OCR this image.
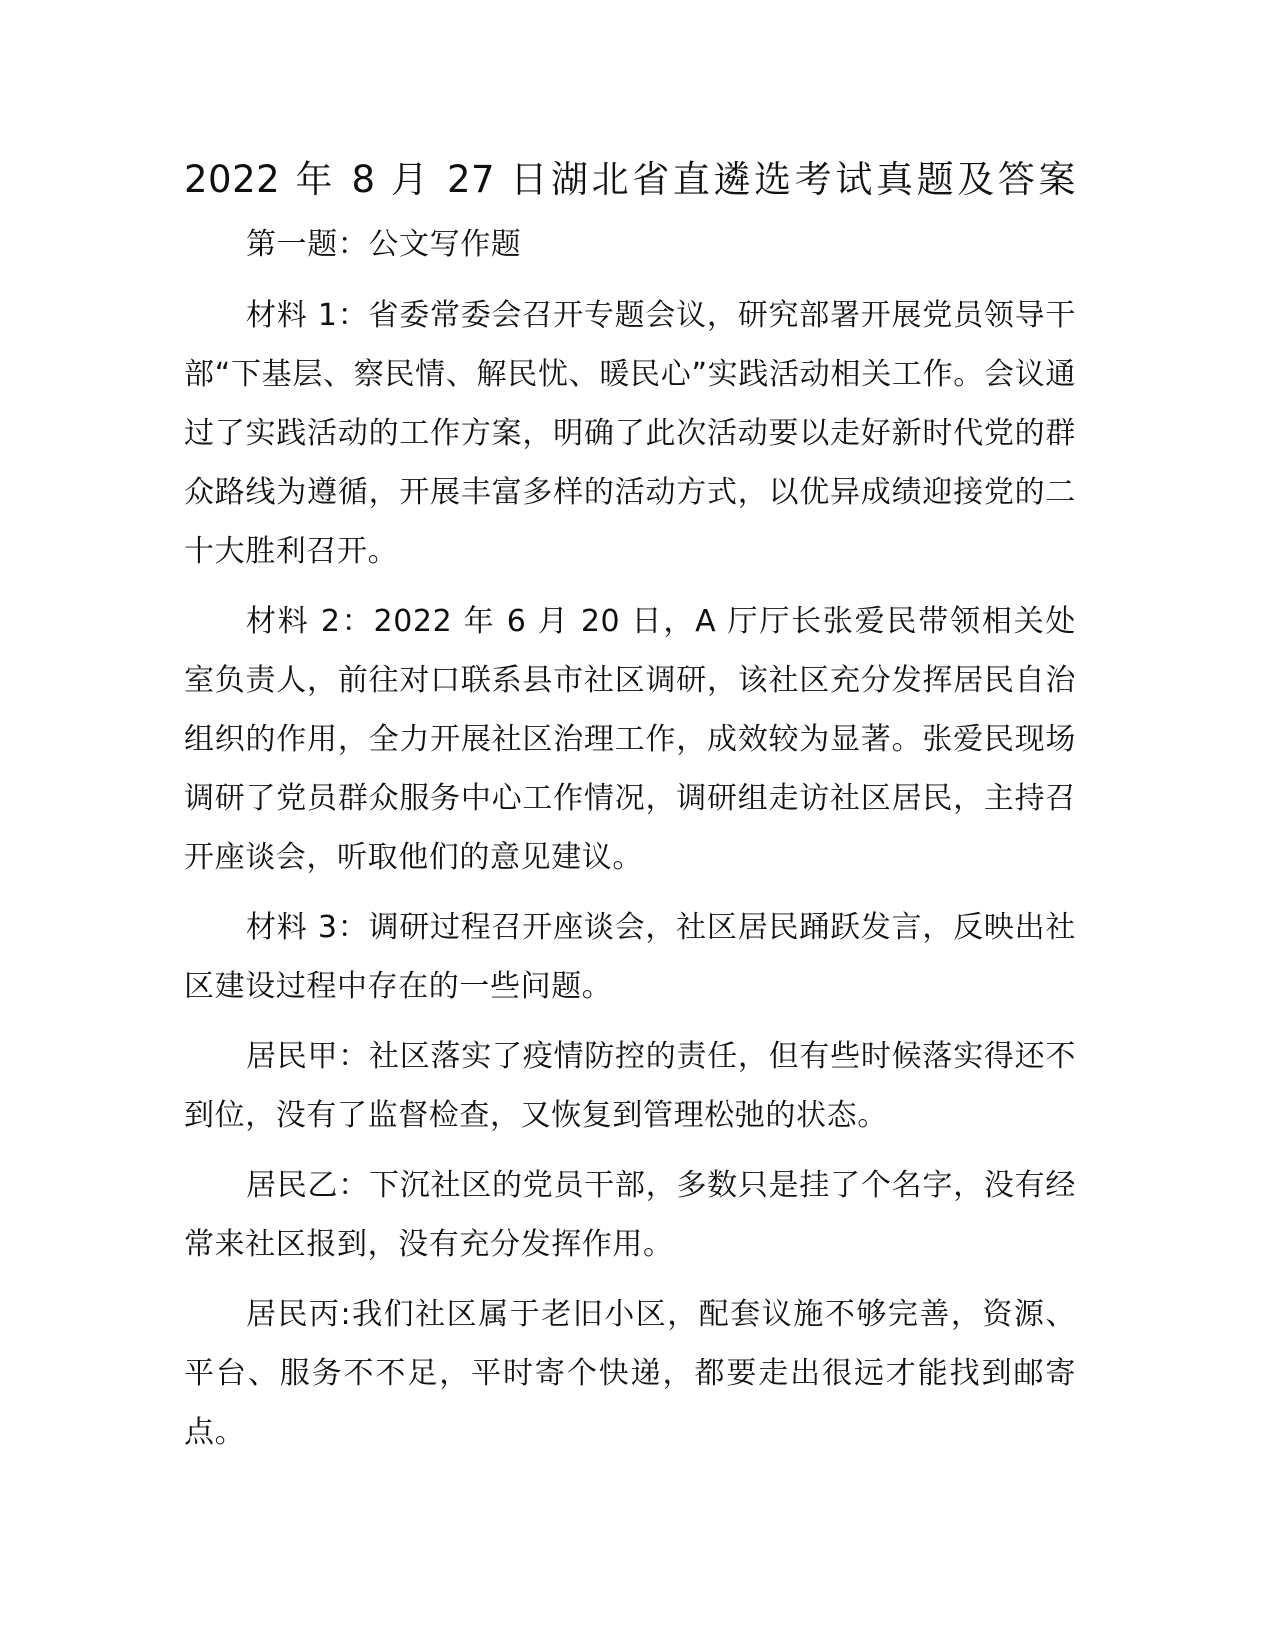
2022 年 8 月 27 日湖北省直遴选考试真题及答案

第一题：公文写作题

材料 1：省委常委会召开专题会议，研究部署开展党员领导干部“下基层、察民情、解民忧、暖民心”实践活动相关工作。会议通过了实践活动的工作方案，明确了此次活动要以走好新时代党的群众路线为遵循，开展丰富多样的活动方式，以优异成绩迎接党的二十大胜利召开。

材料 2：2022 年 6 月 20 日，A 厅厅长张爱民带领相关处室负责人，前往对口联系县市社区调研，该社区充分发挥居民自治组织的作用，全力开展社区治理工作，成效较为显著。张爱民现场调研了党员群众服务中心工作情况，调研组走访社区居民，主持召开座谈会，听取他们的意见建议。

材料 3：调研过程召开座谈会，社区居民踊跃发言，反映出社区建设过程中存在的一些问题。

居民甲：社区落实了疫情防控的责任，但有些时候落实得还不到位，没有了监督检查，又恢复到管理松弛的状态。

居民乙：下沉社区的党员干部，多数只是挂了个名字，没有经常来社区报到，没有充分发挥作用。

居民丙:我们社区属于老旧小区，配套议施不够完善，资源、平台、服务不不足，平时寄个快递，都要走出很远才能找到邮寄点。
